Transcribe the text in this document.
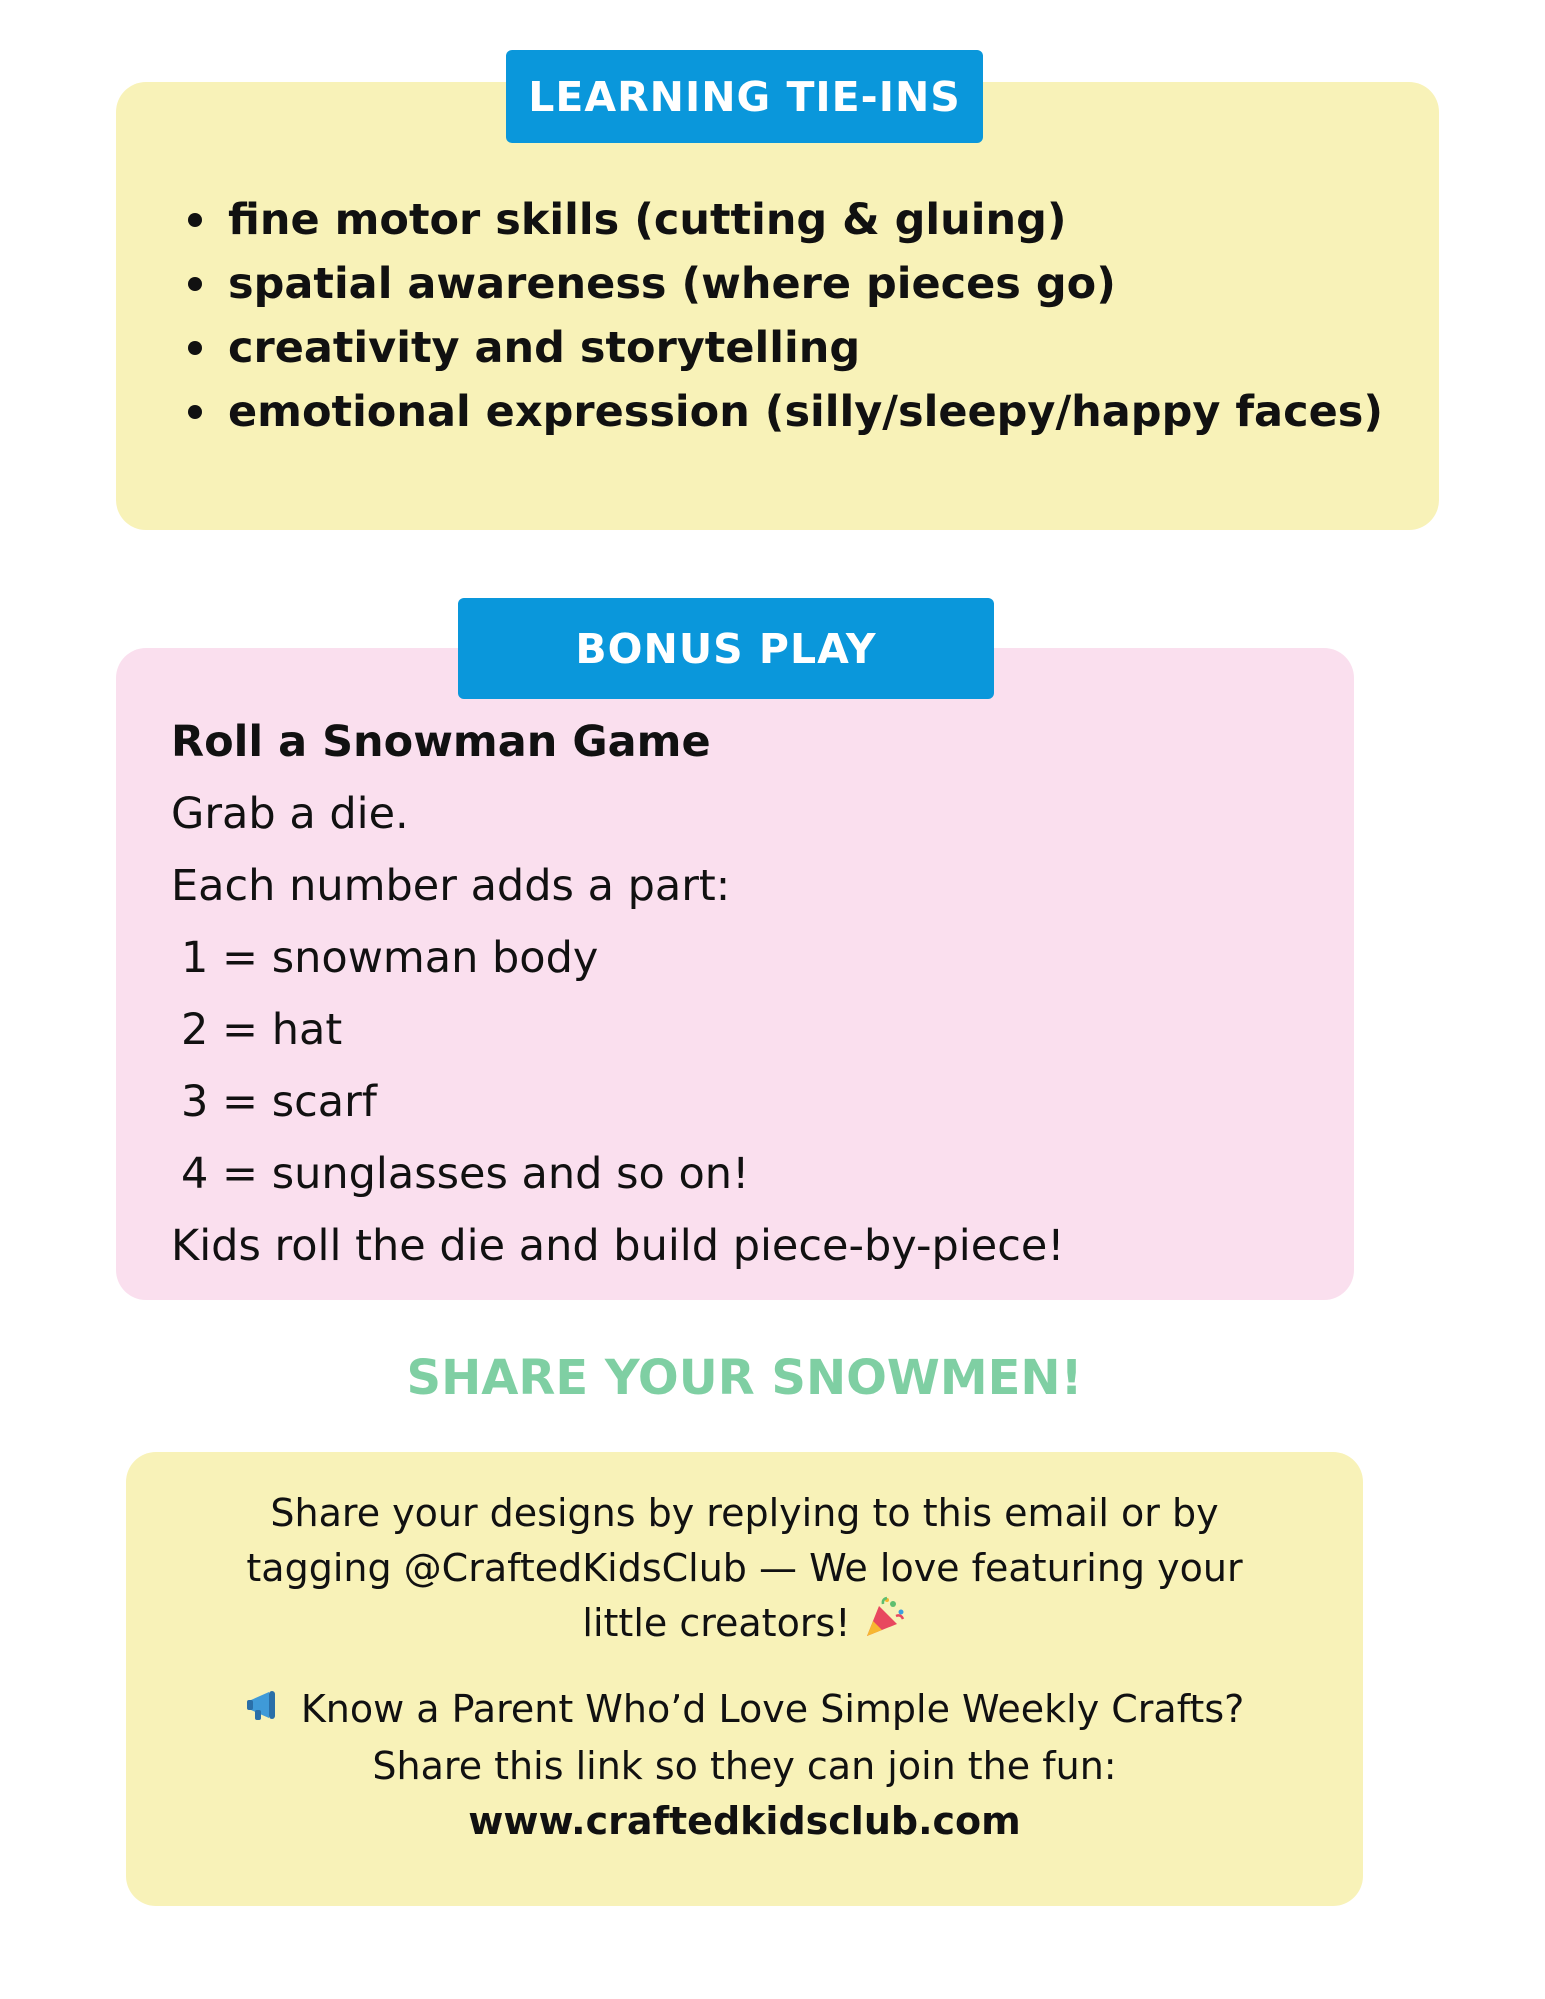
LEARNING TIE-INS
fine motor skills (cutting & gluing)
spatial awareness (where pieces go)
creativity and storytelling
emotional expression (silly/sleepy/happy faces)
BONUS PLAY
Roll a Snowman Game
Grab a die.
Each number adds a part:
1 = snowman body
2 = hat
3 = scarf
4 = sunglasses and so on!
Kids roll the die and build piece-by-piece!
SHARE YOUR SNOWMEN!
Share your designs by replying to this email or by
tagging @CraftedKidsClub — We love featuring your
little creators!
Know a Parent Who’d Love Simple Weekly Crafts?
Share this link so they can join the fun:
www.craftedkidsclub.com
